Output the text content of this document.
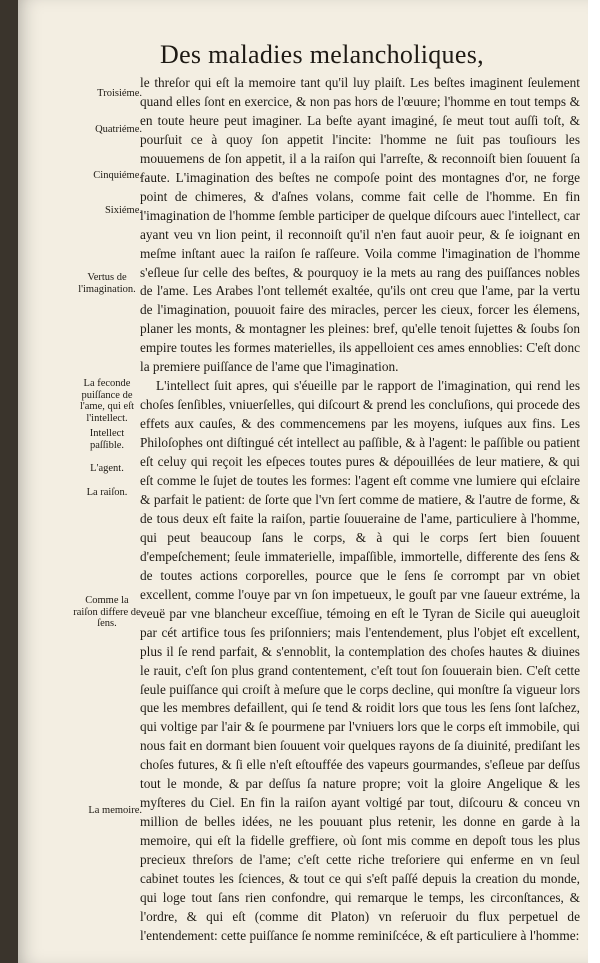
Des maladies melancholiques,

le threſor qui eſt la memoire tant qu'il luy plaiſt. Les beſtes imaginent ſeulement quand elles ſont en exercice, & non pas hors de l'œuure; l'homme en tout temps & en toute heure peut imaginer. La beſte ayant imaginé, ſe meut tout auſſi toſt, & pourſuit ce à quoy ſon appetit l'incite: l'homme ne ſuit pas touſiours les mouuemens de ſon appetit, il a la raiſon qui l'arreſte, & reconnoiſt bien ſouuent ſa faute. L'imagination des beſtes ne compoſe point des montagnes d'or, ne forge point de chimeres, & d'aſnes volans, comme fait celle de l'homme. En fin l'imagination de l'homme ſemble participer de quelque diſcours auec l'intellect, car ayant veu vn lion peint, il reconnoiſt qu'il n'en faut auoir peur, & ſe ioignant en meſme inſtant auec la raiſon ſe raſſeure. Voila comme l'imagination de l'homme s'eſleue ſur celle des beſtes, & pourquoy ie la mets au rang des puiſſances nobles de l'ame. Les Arabes l'ont tellemét exaltée, qu'ils ont creu que l'ame, par la vertu de l'imagination, pouuoit faire des miracles, percer les cieux, forcer les élemens, planer les monts, & montagner les pleines: bref, qu'elle tenoit ſujettes & ſoubs ſon empire toutes les formes materielles, ils appelloient ces ames ennoblies: C'eſt donc la premiere puiſſance de l'ame que l'imagination.

L'intellect ſuit apres, qui s'éueille par le rapport de l'imagination, qui rend les choſes ſenſibles, vniuerſelles, qui diſcourt & prend les concluſions, qui procede des effets aux cauſes, & des commencemens par les moyens, iuſques aux fins. Les Philoſophes ont diſtingué cét intellect au paſſible, & à l'agent: le paſſible ou patient eſt celuy qui reçoit les eſpeces toutes pures & dépouillées de leur matiere, & qui eſt comme le ſujet de toutes les formes: l'agent eſt comme vne lumiere qui eſclaire & parfait le patient: de ſorte que l'vn ſert comme de matiere, & l'autre de forme, & de tous deux eſt faite la raiſon, partie ſouueraine de l'ame, particuliere à l'homme, qui peut beaucoup ſans le corps, & à qui le corps ſert bien ſouuent d'empeſchement; ſeule immaterielle, impaſſible, immortelle, differente des ſens & de toutes actions corporelles, pource que le ſens ſe corrompt par vn obiet excellent, comme l'ouye par vn ſon impetueux, le gouſt par vne ſaueur extréme, la veuë par vne blancheur exceſſiue, témoing en eſt le Tyran de Sicile qui aueugloit par cét artifice tous ſes priſonniers; mais l'entendement, plus l'objet eſt excellent, plus il ſe rend parfait, & s'ennoblit, la contemplation des choſes hautes & diuines le rauit, c'eſt ſon plus grand contentement, c'eſt tout ſon ſouuerain bien. C'eſt cette ſeule puiſſance qui croiſt à meſure que le corps decline, qui monſtre ſa vigueur lors que les membres defaillent, qui ſe tend & roidit lors que tous les ſens ſont laſchez, qui voltige par l'air & ſe pourmene par l'vniuers lors que le corps eſt immobile, qui nous fait en dormant bien ſouuent voir quelques rayons de ſa diuinité, prediſant les choſes futures, & ſi elle n'eſt eſtouffée des vapeurs gourmandes, s'eſleue par deſſus tout le monde, & par deſſus ſa nature propre; voit la gloire Angelique & les myſteres du Ciel. En fin la raiſon ayant voltigé par tout, diſcouru & conceu vn million de belles idées, ne les pouuant plus retenir, les donne en garde à la memoire, qui eſt la fidelle greffiere, où ſont mis comme en depoſt tous les plus precieux threſors de l'ame; c'eſt cette riche treſoriere qui enferme en vn ſeul cabinet toutes les ſciences, & tout ce qui s'eſt paſſé depuis la creation du monde, qui loge tout ſans rien confondre, qui remarque le temps, les circonſtances, & l'ordre, & qui eſt (comme dit Platon) vn reſeruoir du flux perpetuel de l'entendement: cette puiſſance ſe nomme reminiſcéce, & eſt particuliere à l'homme:

Troisiéme.
Quatriéme.
Cinquiéme.
Sixiéme.
Vertus de l'imagination.
La feconde puiſſance de l'ame, qui eſt l'intellect.
Intellect paſſible.
L'agent.
La raiſon.
Comme la raiſon differe de ſens.
La memoire.
